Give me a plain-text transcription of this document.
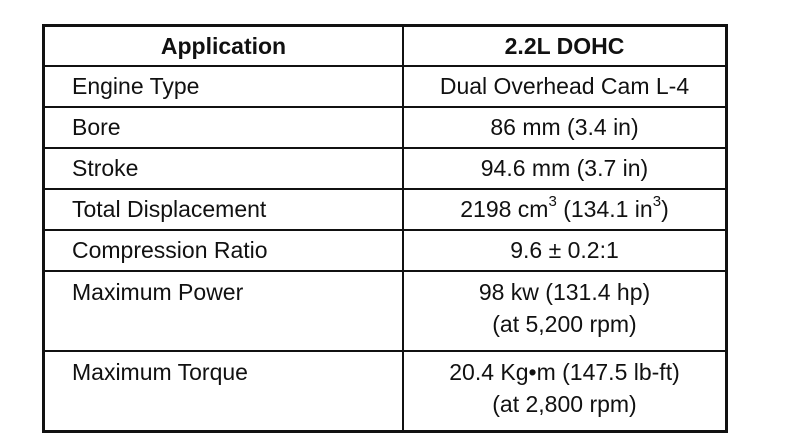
Application	2.2L DOHC
Engine Type	Dual Overhead Cam L-4
Bore	86 mm (3.4 in)
Stroke	94.6 mm (3.7 in)
Total Displacement	2198 $cm^3$ (134.1 $in^3$)
Compression Ratio	9.6 ± 0.2:1
Maximum Power	98 kw (131.4 hp)
(at 5,200 rpm)

Maximum Torque	20.4 Kg•m (147.5 lb-ft)
(at 2,800 rpm)
